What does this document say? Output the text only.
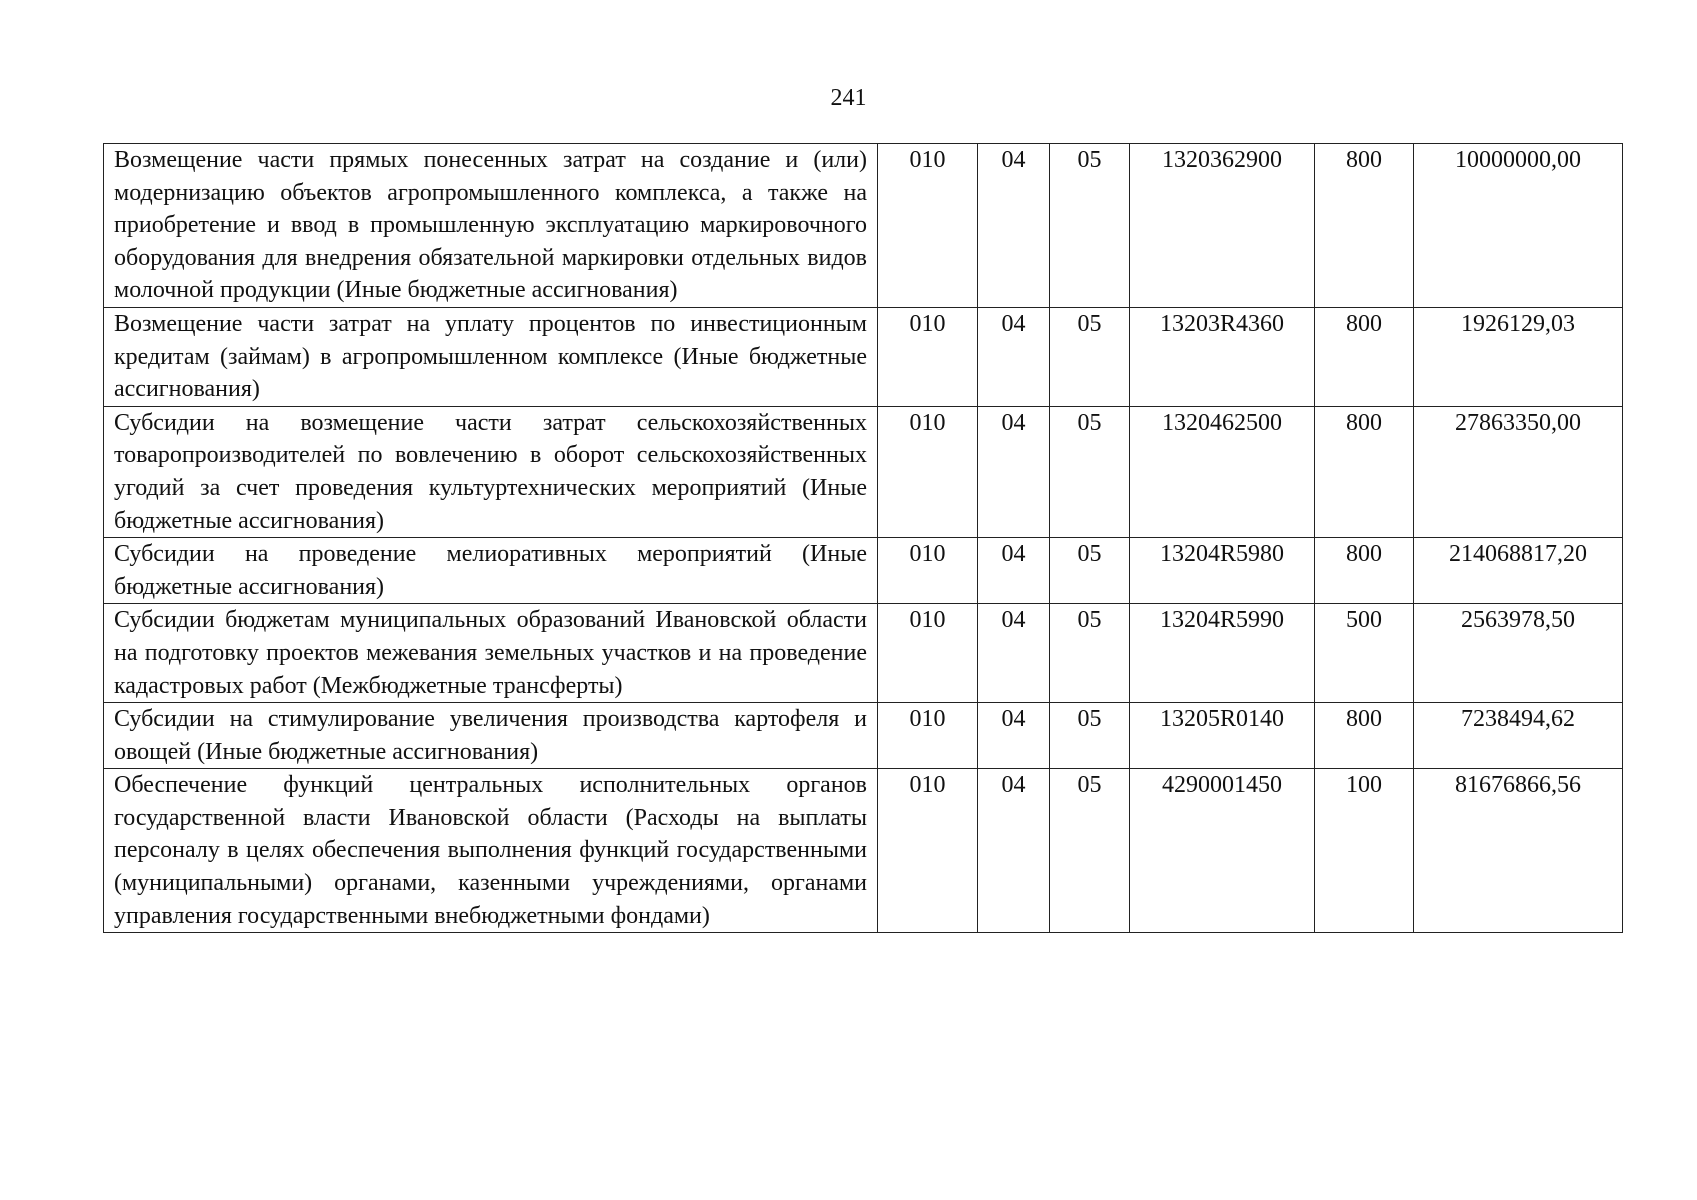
241
Возмещение части прямых понесенных затрат на создание и (или) модернизацию объектов агропромышленного комплекса, а также на приобретение и ввод в промышленную эксплуатацию маркировочного оборудования для внедрения обязательной маркировки отдельных видов молочной продукции (Иные бюджетные ассигнования)	010	04	05	1320362900	800	10000000,00
Возмещение части затрат на уплату процентов по инвестиционным кредитам (займам) в агропромышленном комплексе (Иные бюджетные ассигнования)	010	04	05	13203R4360	800	1926129,03
Субсидии на возмещение части затрат сельскохозяйственных товаропроизводителей по вовлечению в оборот сельскохозяйственных угодий за счет проведения культуртехнических мероприятий (Иные бюджетные ассигнования)	010	04	05	1320462500	800	27863350,00
Субсидии на проведение мелиоративных мероприятий (Иные бюджетные ассигнования)	010	04	05	13204R5980	800	214068817,20
Субсидии бюджетам муниципальных образований Ивановской области на подготовку проектов межевания земельных участков и на проведение кадастровых работ (Межбюджетные трансферты)	010	04	05	13204R5990	500	2563978,50
Субсидии на стимулирование увеличения производства картофеля и овощей (Иные бюджетные ассигнования)	010	04	05	13205R0140	800	7238494,62
Обеспечение функций центральных исполнительных органов государственной власти Ивановской области (Расходы на выплаты персоналу в целях обеспечения выполнения функций государственными (муниципальными) органами, казенными учреждениями, органами управления государственными внебюджетными фондами)	010	04	05	4290001450	100	81676866,56
